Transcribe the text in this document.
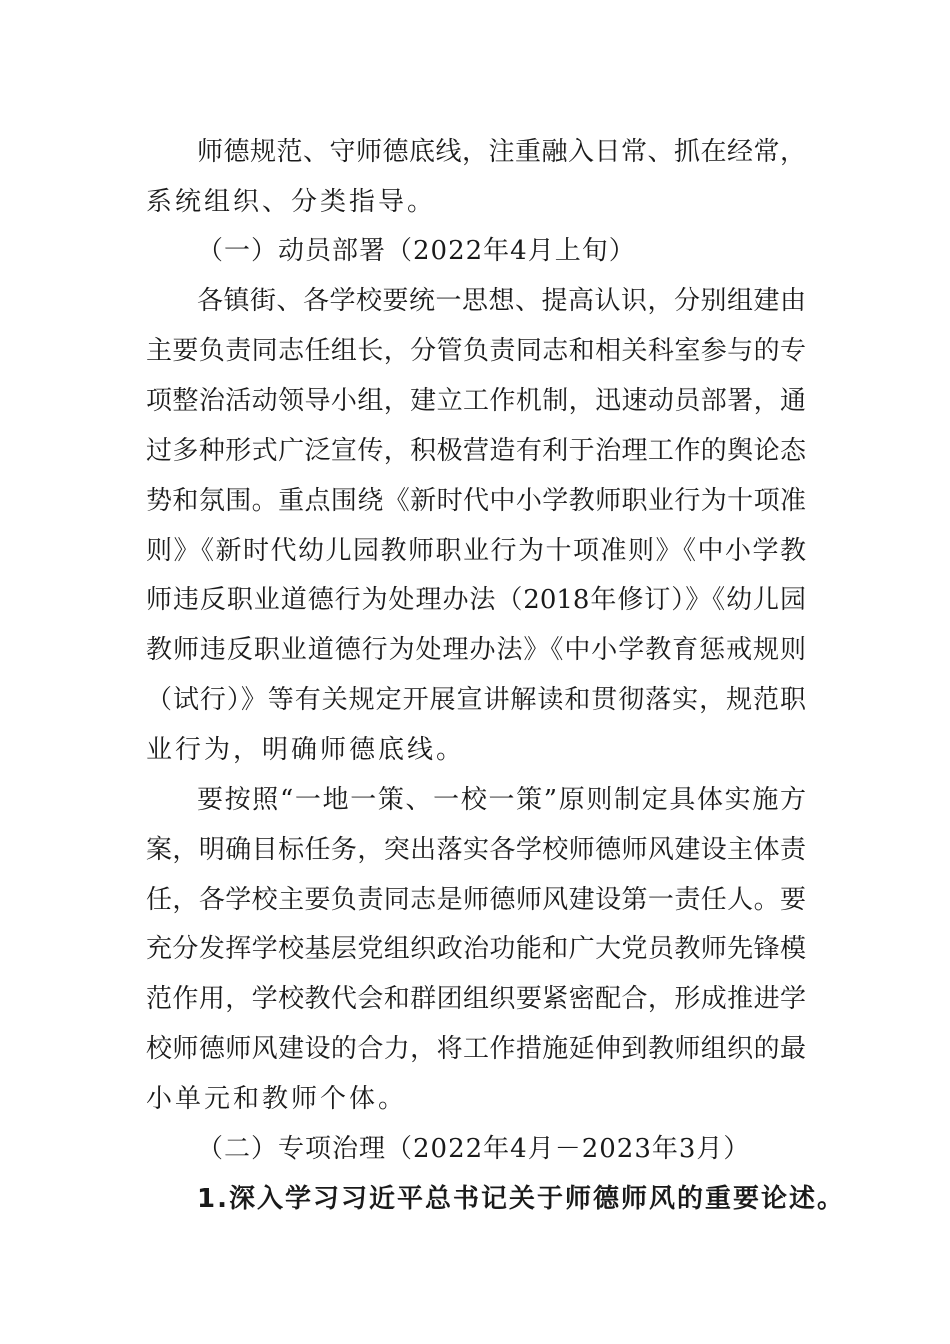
师德规范、守师德底线，注重融入日常、抓在经常，
系统组织、分类指导。
（一）动员部署（2022年4月上旬）
各镇街、各学校要统一思想、提高认识，分别组建由
主要负责同志任组长，分管负责同志和相关科室参与的专
项整治活动领导小组，建立工作机制，迅速动员部署，通
过多种形式广泛宣传，积极营造有利于治理工作的舆论态
势和氛围。重点围绕《新时代中小学教师职业行为十项准
则》《新时代幼儿园教师职业行为十项准则》《中小学教
师违反职业道德行为处理办法（2018年修订）》《幼儿园
教师违反职业道德行为处理办法》《中小学教育惩戒规则
（试行）》等有关规定开展宣讲解读和贯彻落实，规范职
业行为，明确师德底线。
要按照“一地一策、一校一策”原则制定具体实施方
案，明确目标任务，突出落实各学校师德师风建设主体责
任，各学校主要负责同志是师德师风建设第一责任人。要
充分发挥学校基层党组织政治功能和广大党员教师先锋模
范作用，学校教代会和群团组织要紧密配合，形成推进学
校师德师风建设的合力，将工作措施延伸到教师组织的最
小单元和教师个体。
（二）专项治理（2022年4月－2023年3月）
1.深入学习习近平总书记关于师德师风的重要论述。
